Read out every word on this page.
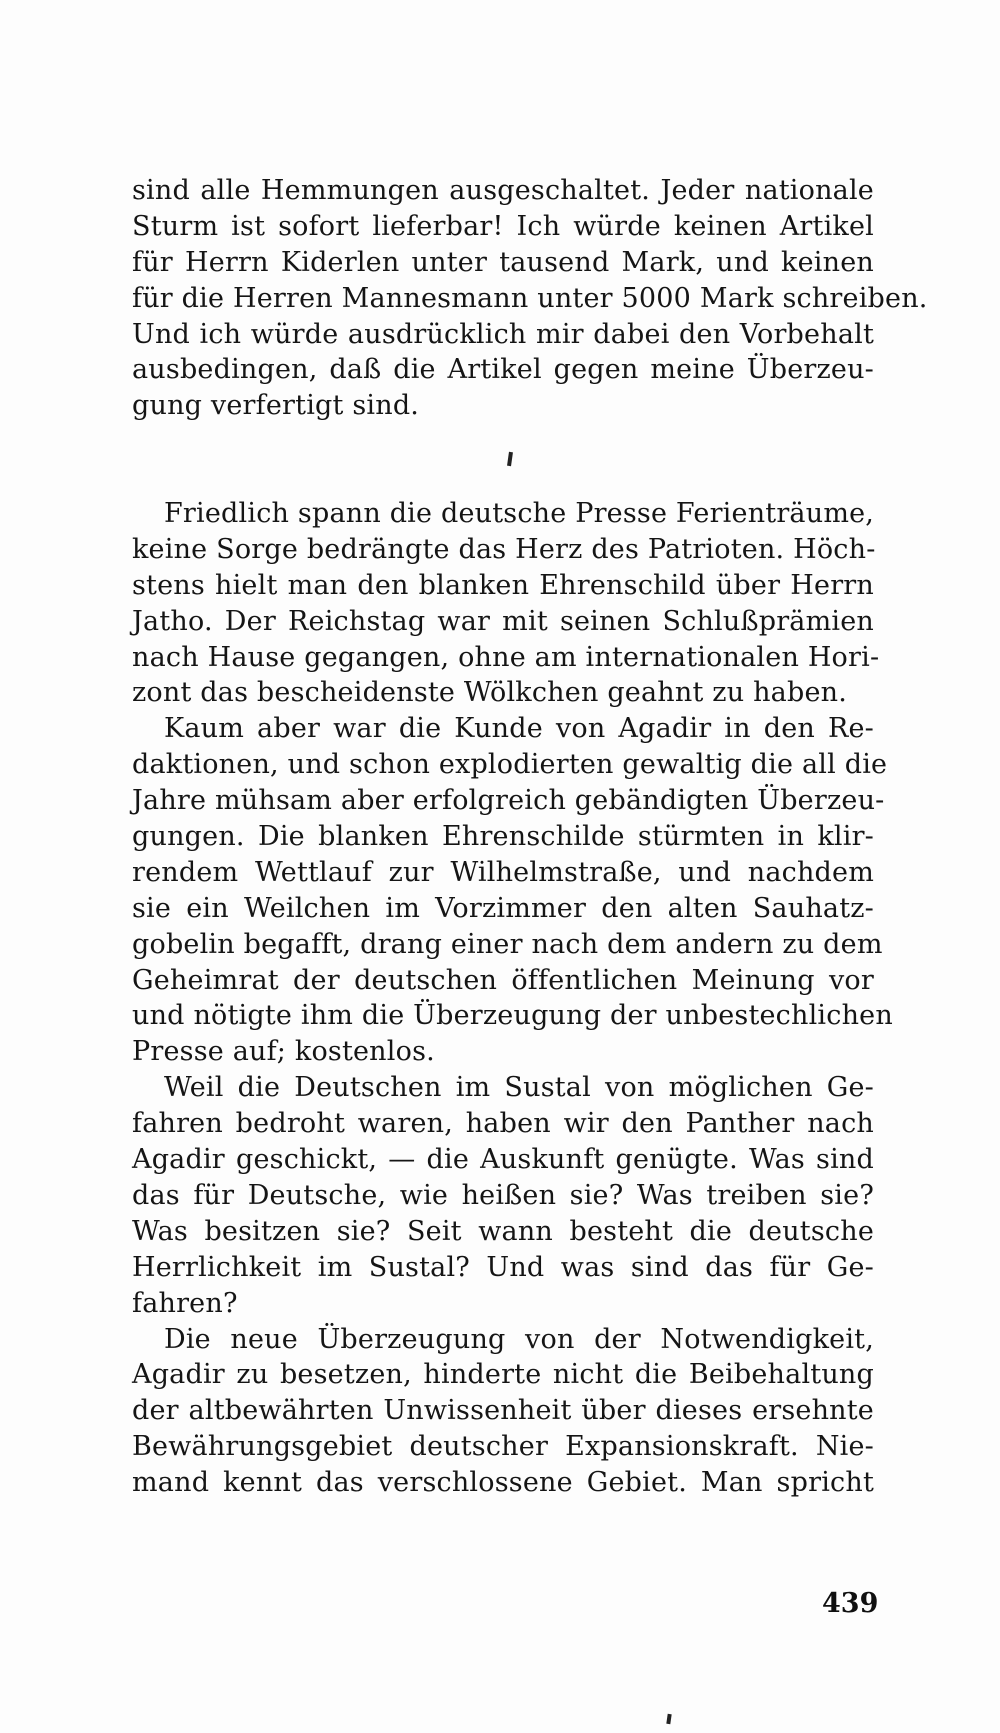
sind alle Hemmungen ausgeschaltet. Jeder nationale
Sturm ist sofort lieferbar! Ich würde keinen Artikel
für Herrn Kiderlen unter tausend Mark, und keinen
für die Herren Mannesmann unter 5000 Mark schreiben.
Und ich würde ausdrücklich mir dabei den Vorbehalt
ausbedingen, daß die Artikel gegen meine Überzeu-
gung verfertigt sind.
Friedlich spann die deutsche Presse Ferienträume,
keine Sorge bedrängte das Herz des Patrioten. Höch-
stens hielt man den blanken Ehrenschild über Herrn
Jatho. Der Reichstag war mit seinen Schlußprämien
nach Hause gegangen, ohne am internationalen Hori-
zont das bescheidenste Wölkchen geahnt zu haben.
Kaum aber war die Kunde von Agadir in den Re-
daktionen, und schon explodierten gewaltig die all die
Jahre mühsam aber erfolgreich gebändigten Überzeu-
gungen. Die blanken Ehrenschilde stürmten in klir-
rendem Wettlauf zur Wilhelmstraße, und nachdem
sie ein Weilchen im Vorzimmer den alten Sauhatz-
gobelin begafft, drang einer nach dem andern zu dem
Geheimrat der deutschen öffentlichen Meinung vor
und nötigte ihm die Überzeugung der unbestechlichen
Presse auf; kostenlos.
Weil die Deutschen im Sustal von möglichen Ge-
fahren bedroht waren, haben wir den Panther nach
Agadir geschickt, — die Auskunft genügte. Was sind
das für Deutsche, wie heißen sie? Was treiben sie?
Was besitzen sie? Seit wann besteht die deutsche
Herrlichkeit im Sustal? Und was sind das für Ge-
fahren?
Die neue Überzeugung von der Notwendigkeit,
Agadir zu besetzen, hinderte nicht die Beibehaltung
der altbewährten Unwissenheit über dieses ersehnte
Bewährungsgebiet deutscher Expansionskraft. Nie-
mand kennt das verschlossene Gebiet. Man spricht
439
